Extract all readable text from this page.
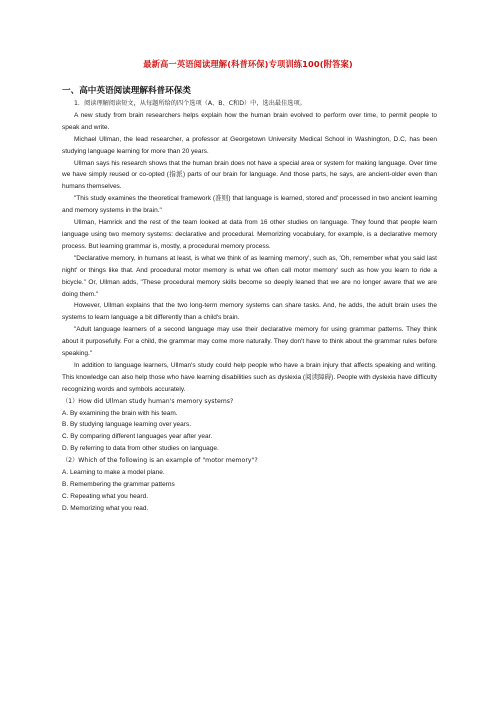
最新高一英语阅读理解(科普环保)专项训练100(附答案)
一、高中英语阅读理解科普环保类

1．阅读理解阅读短文，从每题所给的四个选项（A、B、C和D）中，选出最佳选项。

A new study from brain researchers helps explain how the human brain evolved to perform over time, to permit people to speak and write.

Michael Ullman, the lead researcher, a professor at Georgetown University Medical School in Washington, D.C, has been studying language learning for more than 20 years.

Ullman says his research shows that the human brain does not have a special area or system for making language. Over time we have simply reused or co-opted (指派) parts of our brain for language. And those parts, he says, are ancient-older even than humans themselves.

"This study examines the theoretical framework (准则) that language is learned, stored and' processed in two ancient learning and memory systems in the brain."

Ullman, Hamrick and the rest of the team looked at data from 16 other studies on language. They found that people learn language using two memory systems: declarative and procedural. Memorizing vocabulary, for example, is a declarative memory process. But learning grammar is, mostly, a procedural memory process.

"Declarative memory, in humans at least, is what we think of as learning memory', such as, 'Oh, remember what you said last night' or things like that. And procedural motor memory is what we often call motor memory' such as how you learn to ride a bicycle." Or, Ullman adds, "These procedural memory skills become so deeply leaned that we are no longer aware that we are doing them."

However, Ullman explains that the two long-term memory systems can share tasks. And, he adds, the adult brain uses the systems to learn language a bit differently than a child's brain.

"Adult language learners of a second language may use their declarative memory for using grammar patterns. They think about it purposefully. For a child, the grammar may come more naturally. They don't have to think about the grammar rules before speaking."

In addition to language learners, Ullman's study could help people who have a brain injury that affects speaking and writing. This knowledge can also help those who have learning disabilities such as dyslexia (阅读障碍). People with dyslexia have difficulty recognizing words and symbols accurately.

（1）How did Ullman study human's memory systems?

A. By examining the brain with his team.

B. By studying language learning over years.

C. By comparing different languages year after year.

D. By referring to data from other studies on language.

（2）Which of the following is an example of "motor memory"?

A. Learning to make a model plane.

B. Remembering the grammar patterns

C. Repeating what you heard.

D. Memorizing what you read.
